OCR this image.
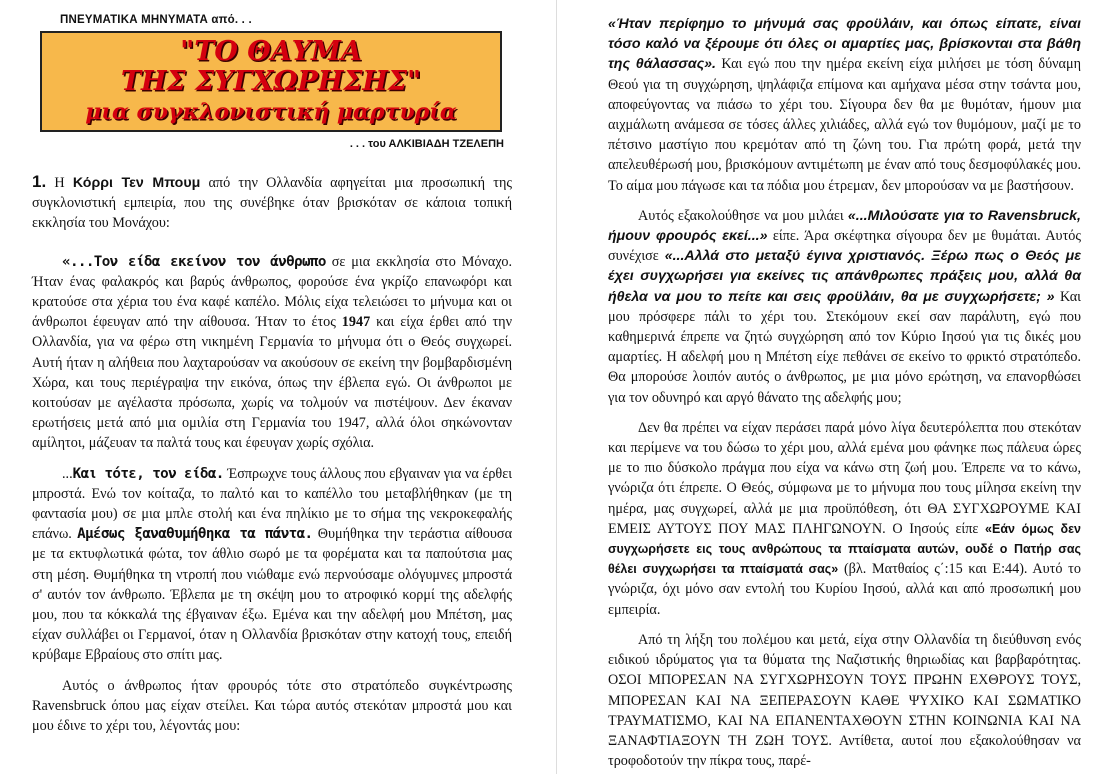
ΠΝΕΥΜΑΤΙΚΑ ΜΗΝΥΜΑΤΑ από. . .
"ΤΟ ΘΑΥΜΑ
ΤΗΣ ΣΥΓΧΩΡΗΣΗΣ"
μια συγκλονιστική μαρτυρία
. . . του ΑΛΚΙΒΙΑΔΗ ΤΖΕΛΕΠΗ

1. Η Κόρρι Τεν Μπουμ από την Ολλανδία αφηγείται μια προσωπική της συγκλονιστική εμπειρία, που της συνέβηκε όταν βρισκόταν σε κάποια τοπική εκκλησία του Μονάχου:

«...Τον είδα εκείνον τον άνθρωπο σε μια εκκλησία στο Μόναχο. Ήταν ένας φαλακρός και βαρύς άνθρωπος, φορούσε ένα γκρίζο επανωφόρι και κρατούσε στα χέρια του ένα καφέ καπέλο. Μόλις είχα τελειώσει το μήνυμα και οι άνθρωποι έφευγαν από την αίθουσα. Ήταν το έτος 1947 και είχα έρθει από την Ολλανδία, για να φέρω στη νικημένη Γερμανία το μήνυμα ότι ο Θεός συγχωρεί. Αυτή ήταν η αλήθεια που λαχταρούσαν να ακούσουν σε εκείνη την βομβαρδισμένη Χώρα, και τους περιέγραψα την εικόνα, όπως την έβλεπα εγώ. Οι άνθρωποι με κοιτούσαν με αγέλαστα πρόσωπα, χωρίς να τολμούν να πιστέψουν. Δεν έκαναν ερωτήσεις μετά από μια ομιλία στη Γερμανία του 1947, αλλά όλοι σηκώνονταν αμίλητοι, μάζευαν τα παλτά τους και έφευγαν χωρίς σχόλια.

...Και τότε, τον είδα. Έσπρωχνε τους άλλους που εβγαιναν για να έρθει μπροστά. Ενώ τον κοίταζα, το παλτό και το καπέλλο του μεταβλήθηκαν (με τη φαντασία μου) σε μια μπλε στολή και ένα πηλίκιο με το σήμα της νεκροκεφαλής επάνω. Αμέσως ξαναθυμήθηκα τα πάντα. Θυμήθηκα την τεράστια αίθουσα με τα εκτυφλωτικά φώτα, τον άθλιο σωρό με τα φορέματα και τα παπούτσια μας στη μέση. Θυμήθηκα τη ντροπή που νιώθαμε ενώ περνούσαμε ολόγυμνες μπροστά σ' αυτόν τον άνθρωπο. Έβλεπα με τη σκέψη μου το ατροφικό κορμί της αδελφής μου, που τα κόκκαλά της έβγαιναν έξω. Εμένα και την αδελφή μου Μπέτση, μας είχαν συλλάβει οι Γερμανοί, όταν η Ολλανδία βρισκόταν στην κατοχή τους, επειδή κρύβαμε Εβραίους στο σπίτι μας.

Αυτός ο άνθρωπος ήταν φρουρός τότε στο στρατόπεδο συγκέντρωσης Ravensbruck όπου μας είχαν στείλει. Και τώρα αυτός στεκόταν μπροστά μου και μου έδινε το χέρι του, λέγοντάς μου:

«Ήταν περίφημο το μήνυμά σας φροϋλάιν, και όπως είπατε, είναι τόσο καλό να ξέρουμε ότι όλες οι αμαρτίες μας, βρίσκονται στα βάθη της θάλασσας». Και εγώ που την ημέρα εκείνη είχα μιλήσει με τόση δύναμη Θεού για τη συγχώρηση, ψηλάφιζα επίμονα και αμήχανα μέσα στην τσάντα μου, αποφεύγοντας να πιάσω το χέρι του. Σίγουρα δεν θα με θυμόταν, ήμουν μια αιχμάλωτη ανάμεσα σε τόσες άλλες χιλιάδες, αλλά εγώ τον θυμόμουν, μαζί με το πέτσινο μαστίγιο που κρεμόταν από τη ζώνη του. Για πρώτη φορά, μετά την απελευθέρωσή μου, βρισκόμουν αντιμέτωπη με έναν από τους δεσμοφύλακές μου. Το αίμα μου πάγωσε και τα πόδια μου έτρεμαν, δεν μπορούσαν να με βαστήσουν.

Αυτός εξακολούθησε να μου μιλάει «...Μιλούσατε για το Ravensbruck, ήμουν φρουρός εκεί...» είπε. Άρα σκέφτηκα σίγουρα δεν με θυμάται. Αυτός συνέχισε «...Αλλά στο μεταξύ έγινα χριστιανός. Ξέρω πως ο Θεός με έχει συγχωρήσει για εκείνες τις απάνθρωπες πράξεις μου, αλλά θα ήθελα να μου το πείτε και σεις φροϋλάιν, θα με συγχωρήσετε; » Και μου πρόσφερε πάλι το χέρι του. Στεκόμουν εκεί σαν παράλυτη, εγώ που καθημερινά έπρεπε να ζητώ συγχώρηση από τον Κύριο Ιησού για τις δικές μου αμαρτίες. Η αδελφή μου η Μπέτση είχε πεθάνει σε εκείνο το φρικτό στρατόπεδο. Θα μπορούσε λοιπόν αυτός ο άνθρωπος, με μια μόνο ερώτηση, να επανορθώσει για τον οδυνηρό και αργό θάνατο της αδελφής μου;

Δεν θα πρέπει να είχαν περάσει παρά μόνο λίγα δευτερόλεπτα που στεκόταν και περίμενε να του δώσω το χέρι μου, αλλά εμένα μου φάνηκε πως πάλευα ώρες με το πιο δύσκολο πράγμα που είχα να κάνω στη ζωή μου. Έπρεπε να το κάνω, γνώριζα ότι έπρεπε. Ο Θεός, σύμφωνα με το μήνυμα που τους μίλησα εκείνη την ημέρα, μας συγχωρεί, αλλά με μια προϋπόθεση, ότι ΘΑ ΣΥΓΧΩΡΟΥΜΕ ΚΑΙ ΕΜΕΙΣ ΑΥΤΟΥΣ ΠΟΥ ΜΑΣ ΠΛΗΓΩΝΟΥΝ. Ο Ιησούς είπε «Εάν όμως δεν συγχωρήσετε εις τους ανθρώπους τα πταίσματα αυτών, ουδέ ο Πατήρ σας θέλει συγχωρήσει τα πταίσματά σας» (βλ. Ματθαίος ς΄:15 και Ε:44). Αυτό το γνώριζα, όχι μόνο σαν εντολή του Κυρίου Ιησού, αλλά και από προσωπική μου εμπειρία.

Από τη λήξη του πολέμου και μετά, είχα στην Ολλανδία τη διεύθυνση ενός ειδικού ιδρύματος για τα θύματα της Ναζιστικής θηριωδίας και βαρβαρότητας. ΟΣΟΙ ΜΠΟΡΕΣΑΝ ΝΑ ΣΥΓΧΩΡΗΣΟΥΝ ΤΟΥΣ ΠΡΩΗΝ ΕΧΘΡΟΥΣ ΤΟΥΣ, ΜΠΟΡΕΣΑΝ ΚΑΙ ΝΑ ΞΕΠΕΡΑΣΟΥΝ ΚΑΘΕ ΨΥΧΙΚΟ ΚΑΙ ΣΩΜΑΤΙΚΟ ΤΡΑΥΜΑΤΙΣΜΟ, ΚΑΙ ΝΑ ΕΠΑΝΕΝΤΑΧΘΟΥΝ ΣΤΗΝ ΚΟΙΝΩΝΙΑ ΚΑΙ ΝΑ ΞΑΝΑΦΤΙΑΞΟΥΝ ΤΗ ΖΩΗ ΤΟΥΣ. Αντίθετα, αυτοί που εξακολούθησαν να τροφοδοτούν την πίκρα τους, παρέ-
